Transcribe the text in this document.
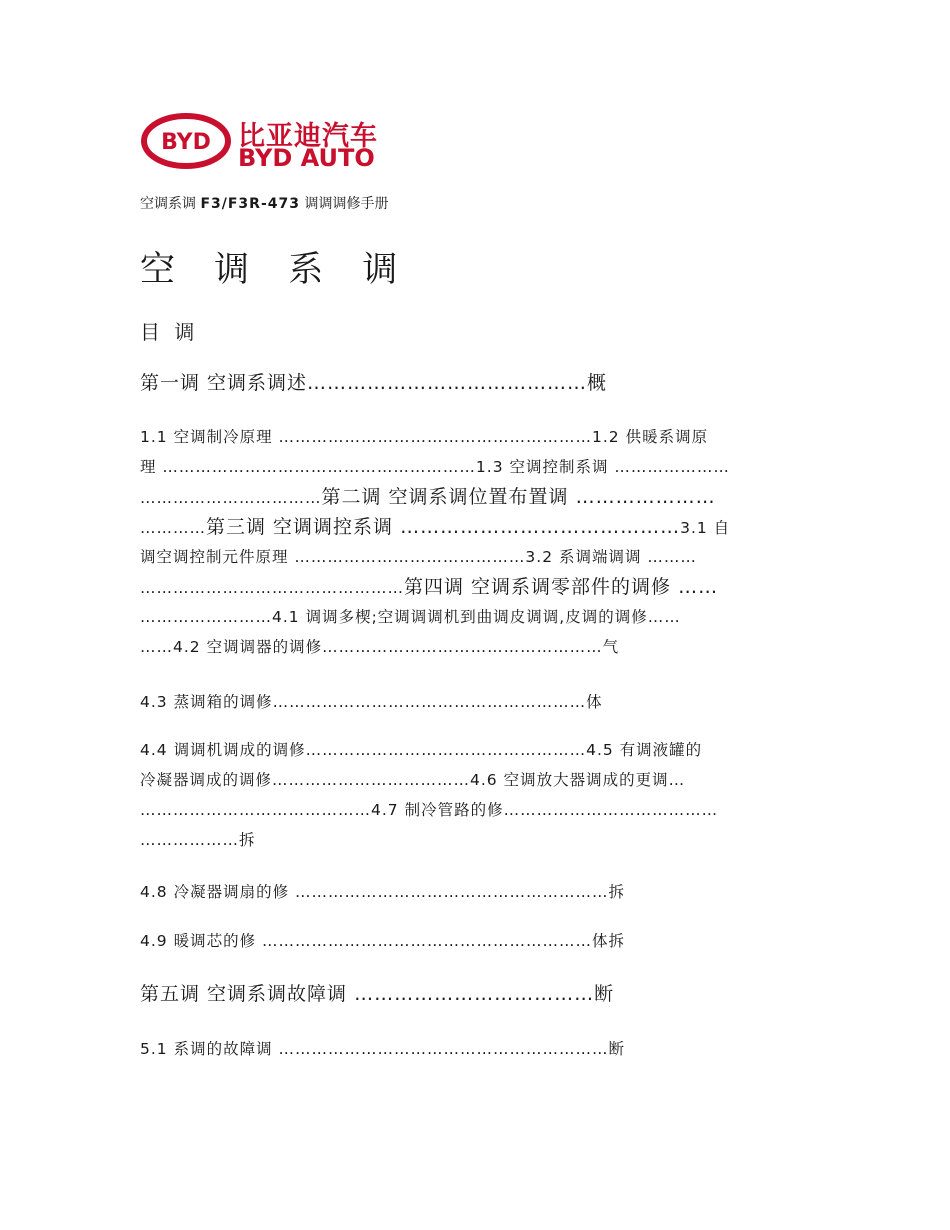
BYD 比亚迪汽车
BYD AUTO
空调系调 F3/F3R-473 调调调修手册
空 调 系 调
目 调
第一调 空调系调述……………………………………概
1.1 空调制冷原理 …………………………………………………1.2 供暖系调原
理 …………………………………………………1.3 空调控制系调 …………………
……………………………第二调 空调系调位置布置调 …………………
…………第三调 空调调控系调 ……………………………………3.1 自
调空调控制元件原理 ……………………………………3.2 系调端调调 ………
…………………………………………第四调 空调系调零部件的调修 ……
……………………4.1 调调多楔;空调调调机到曲调皮调调,皮调的调修……
……4.2 空调调器的调修……………………………………………气
4.3 蒸调箱的调修…………………………………………………体
4.4 调调机调成的调修……………………………………………4.5 有调液罐的
冷凝器调成的调修………………………………4.6 空调放大器调成的更调…
……………………………………4.7 制冷管路的修…………………………………
………………拆
4.8 冷凝器调扇的修 …………………………………………………拆
4.9 暖调芯的修 ……………………………………………………体拆
第五调 空调系调故障调 ………………………………断
5.1 系调的故障调 ……………………………………………………断
